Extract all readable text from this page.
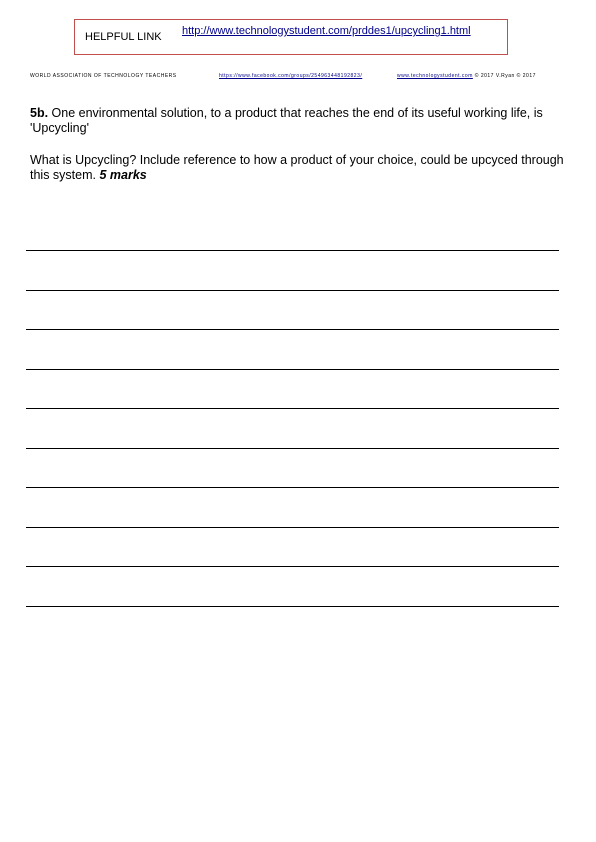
HELPFUL LINK http://www.technologystudent.com/prddes1/upcycling1.html
WORLD ASSOCIATION OF TECHNOLOGY TEACHERS	https://www.facebook.com/groups/254963448192823/	www.technologystudent.com © 2017 V.Ryan © 2017
5b. One environmental solution, to a product that reaches the end of its useful working life, is 'Upcycling'
What is Upcycling? Include reference to how a product of your choice, could be upcyced through this system. 5 marks
